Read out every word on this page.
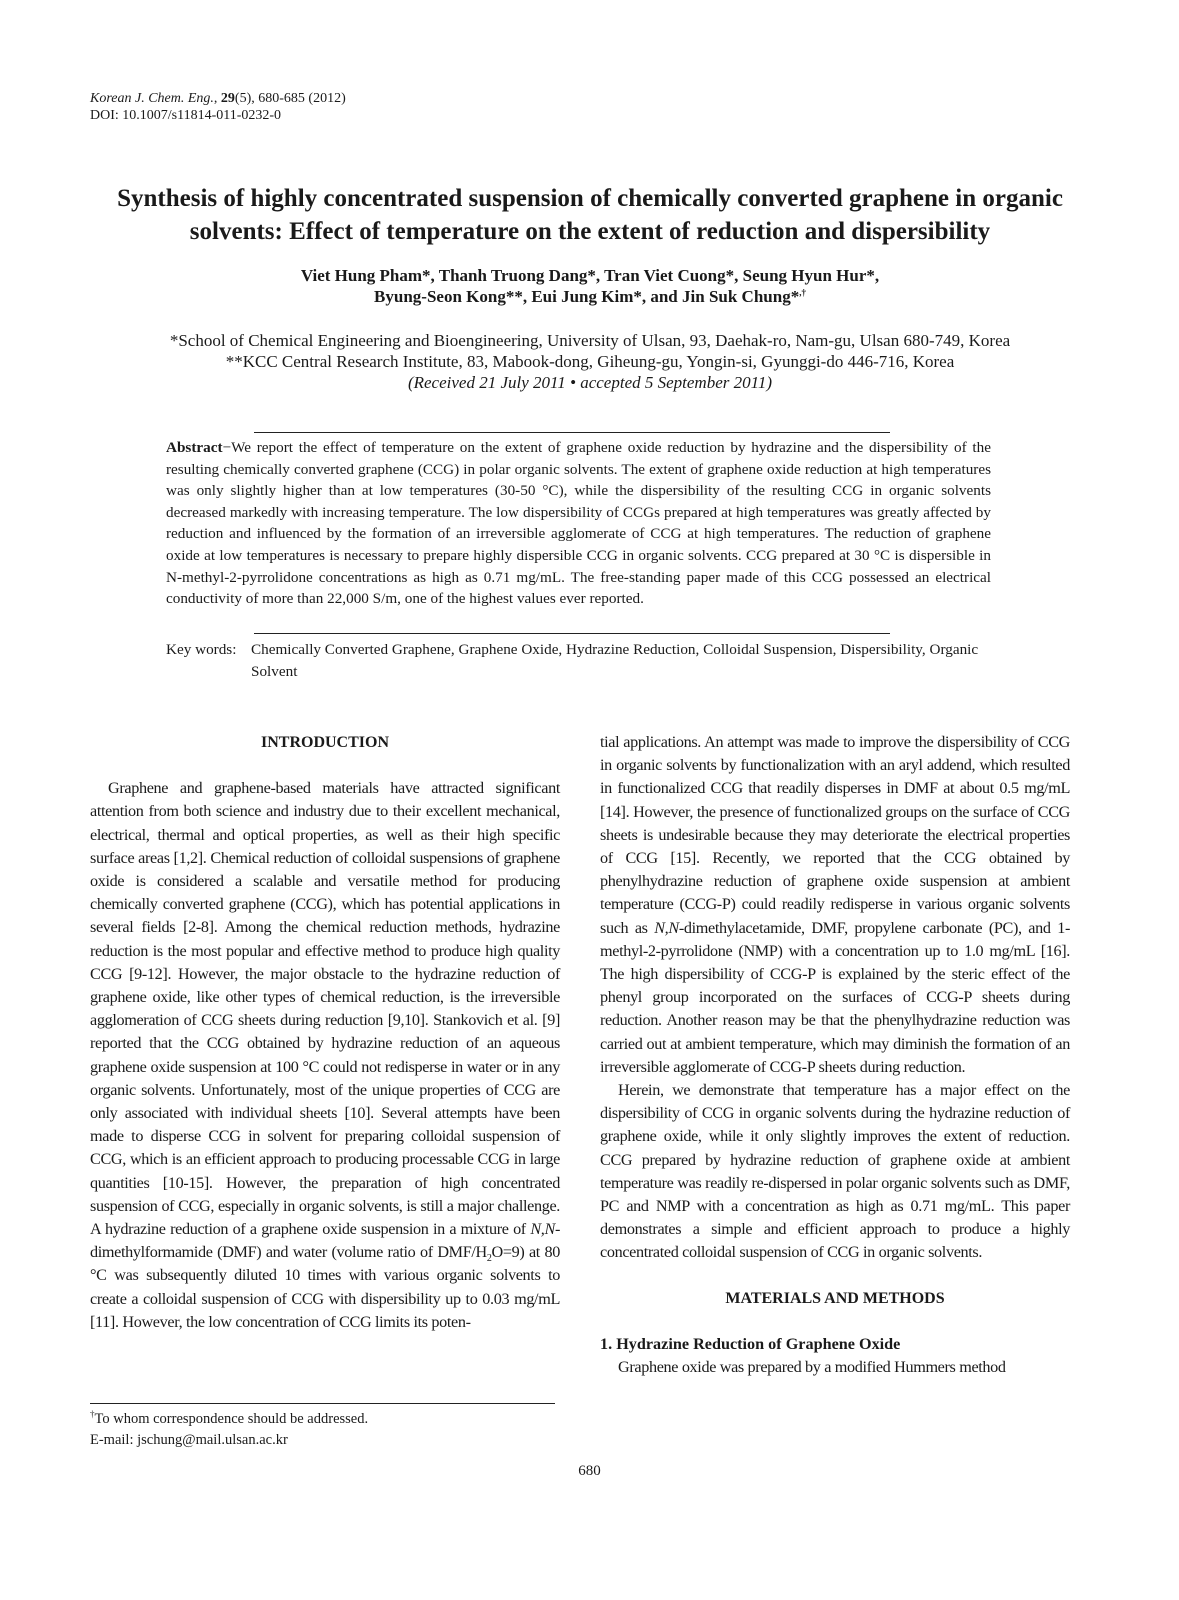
Korean J. Chem. Eng., 29(5), 680-685 (2012)
DOI: 10.1007/s11814-011-0232-0
Synthesis of highly concentrated suspension of chemically converted graphene in organic
solvents: Effect of temperature on the extent of reduction and dispersibility
Viet Hung Pham*, Thanh Truong Dang*, Tran Viet Cuong*, Seung Hyun Hur*,
Byung-Seon Kong**, Eui Jung Kim*, and Jin Suk Chung*,†
*School of Chemical Engineering and Bioengineering, University of Ulsan, 93, Daehak-ro, Nam-gu, Ulsan 680-749, Korea
**KCC Central Research Institute, 83, Mabook-dong, Giheung-gu, Yongin-si, Gyunggi-do 446-716, Korea
(Received 21 July 2011 • accepted 5 September 2011)
Abstract−We report the effect of temperature on the extent of graphene oxide reduction by hydrazine and the dispersibility of the resulting chemically converted graphene (CCG) in polar organic solvents. The extent of graphene oxide reduction at high temperatures was only slightly higher than at low temperatures (30-50 °C), while the dispersibility of the resulting CCG in organic solvents decreased markedly with increasing temperature. The low dispersibility of CCGs prepared at high temperatures was greatly affected by reduction and influenced by the formation of an irreversible agglomerate of CCG at high temperatures. The reduction of graphene oxide at low temperatures is necessary to prepare highly dispersible CCG in organic solvents. CCG prepared at 30 °C is dispersible in N-methyl-2-pyrrolidone concentrations as high as 0.71 mg/mL. The free-standing paper made of this CCG possessed an electrical conductivity of more than 22,000 S/m, one of the highest values ever reported.
Key words: Chemically Converted Graphene, Graphene Oxide, Hydrazine Reduction, Colloidal Suspension, Dispersibility, Organic Solvent
INTRODUCTION

Graphene and graphene-based materials have attracted significant attention from both science and industry due to their excellent mechanical, electrical, thermal and optical properties, as well as their high specific surface areas [1,2]. Chemical reduction of colloidal suspensions of graphene oxide is considered a scalable and versatile method for producing chemically converted graphene (CCG), which has potential applications in several fields [2-8]. Among the chemical reduction methods, hydrazine reduction is the most popular and effective method to produce high quality CCG [9-12]. However, the major obstacle to the hydrazine reduction of graphene oxide, like other types of chemical reduction, is the irreversible agglomeration of CCG sheets during reduction [9,10]. Stankovich et al. [9] reported that the CCG obtained by hydrazine reduction of an aqueous graphene oxide suspension at 100 °C could not redisperse in water or in any organic solvents. Unfortunately, most of the unique properties of CCG are only associated with individual sheets [10]. Several attempts have been made to disperse CCG in solvent for preparing colloidal suspension of CCG, which is an efficient approach to producing processable CCG in large quantities [10-15]. However, the preparation of high concentrated suspension of CCG, especially in organic solvents, is still a major challenge. A hydrazine reduction of a graphene oxide suspension in a mixture of N,N-dimethylformamide (DMF) and water (volume ratio of DMF/$H_2O=9$) at 80 °C was subsequently diluted 10 times with various organic solvents to create a colloidal suspension of CCG with dispersibility up to 0.03 mg/mL [11]. However, the low concentration of CCG limits its poten-

†To whom correspondence should be addressed.
E-mail: jschung@mail.ulsan.ac.kr

tial applications. An attempt was made to improve the dispersibility of CCG in organic solvents by functionalization with an aryl addend, which resulted in functionalized CCG that readily disperses in DMF at about 0.5 mg/mL [14]. However, the presence of functionalized groups on the surface of CCG sheets is undesirable because they may deteriorate the electrical properties of CCG [15]. Recently, we reported that the CCG obtained by phenylhydrazine reduction of graphene oxide suspension at ambient temperature (CCG-P) could readily redisperse in various organic solvents such as N,N-dimethylacetamide, DMF, propylene carbonate (PC), and 1-methyl-2-pyrrolidone (NMP) with a concentration up to 1.0 mg/mL [16]. The high dispersibility of CCG-P is explained by the steric effect of the phenyl group incorporated on the surfaces of CCG-P sheets during reduction. Another reason may be that the phenylhydrazine reduction was carried out at ambient temperature, which may diminish the formation of an irreversible agglomerate of CCG-P sheets during reduction.

Herein, we demonstrate that temperature has a major effect on the dispersibility of CCG in organic solvents during the hydrazine reduction of graphene oxide, while it only slightly improves the extent of reduction. CCG prepared by hydrazine reduction of graphene oxide at ambient temperature was readily re-dispersed in polar organic solvents such as DMF, PC and NMP with a concentration as high as 0.71 mg/mL. This paper demonstrates a simple and efficient approach to produce a highly concentrated colloidal suspension of CCG in organic solvents.

MATERIALS AND METHODS
1. Hydrazine Reduction of Graphene Oxide

Graphene oxide was prepared by a modified Hummers method

680
